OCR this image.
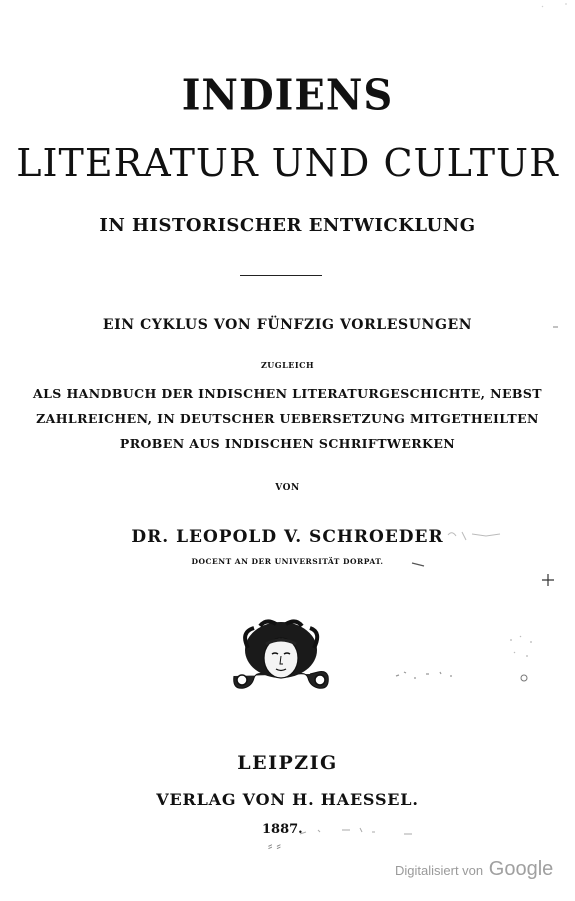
INDIENS
LITERATUR UND CULTUR
IN HISTORISCHER ENTWICKLUNG
EIN CYKLUS VON FÜNFZIG VORLESUNGEN
ZUGLEICH
ALS HANDBUCH DER INDISCHEN LITERATURGESCHICHTE, NEBST
ZAHLREICHEN, IN DEUTSCHER UEBERSETZUNG MITGETHEILTEN
PROBEN AUS INDISCHEN SCHRIFTWERKEN
VON
DR. LEOPOLD V. SCHROEDER
DOCENT AN DER UNIVERSITÄT DORPAT.
LEIPZIG
VERLAG VON H. HAESSEL.
1887.
⸗ ⸗
Digitalisiert von Google
